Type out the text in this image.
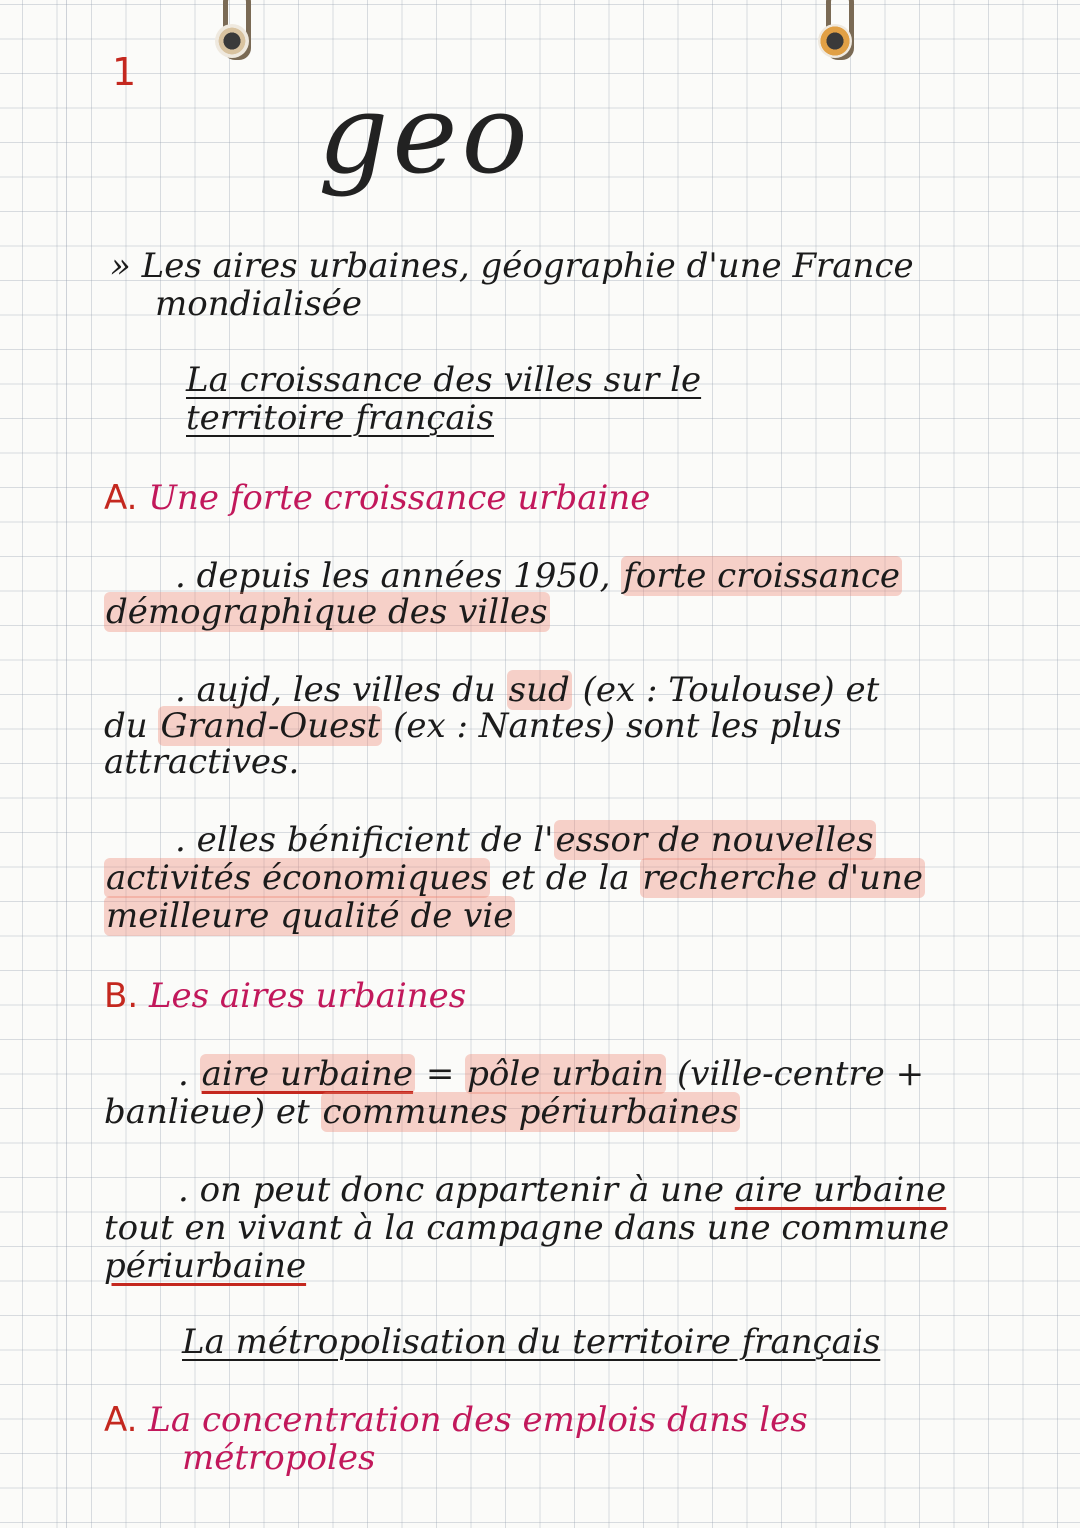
1 geo
» Les aires urbaines, géographie d'une France
mondialisée
La croissance des villes sur le
territoire français
A. Une forte croissance urbaine
. depuis les années 1950, forte croissance
démographique des villes
. aujd, les villes du sud (ex : Toulouse) et
du Grand-Ouest (ex : Nantes) sont les plus
attractives.
. elles bénificient de l'essor de nouvelles
activités économiques et de la recherche d'une
meilleure qualité de vie
B. Les aires urbaines
. aire urbaine = pôle urbain (ville-centre +
banlieue) et communes périurbaines
. on peut donc appartenir à une aire urbaine
tout en vivant à la campagne dans une commune
périurbaine
La métropolisation du territoire français
A. La concentration des emplois dans les
métropoles
